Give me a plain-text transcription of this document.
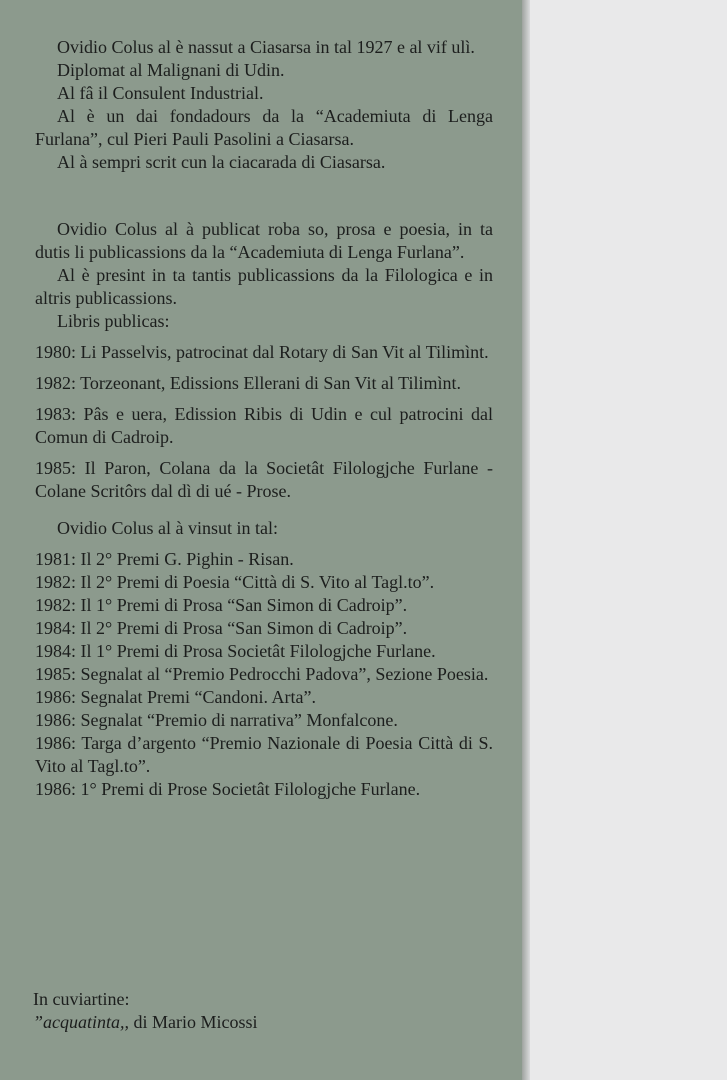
Ovidio Colus al è nassut a Ciasarsa in tal 1927 e al vif ulì.

Diplomat al Malignani di Udin.

Al fâ il Consulent Industrial.

Al è un dai fondadours da la “Academiuta di Lenga Furlana”, cul Pieri Pauli Pasolini a Ciasarsa.

Al à sempri scrit cun la ciacarada di Ciasarsa.

Ovidio Colus al à publicat roba so, prosa e poesia, in ta dutis li publicassions da la “Academiuta di Lenga Furlana”.

Al è presint in ta tantis publicassions da la Filologica e in altris publicassions.

Libris publicas:

1980: Li Passelvis, patrocinat dal Rotary di San Vit al Tilimìnt.

1982: Torzeonant, Edissions Ellerani di San Vit al Tilimìnt.

1983: Pâs e uera, Edission Ribis di Udin e cul patrocini dal Comun di Cadroip.

1985: Il Paron, Colana da la Societât Filologjche Furlane - Colane Scritôrs dal dì di ué - Prose.

Ovidio Colus al à vinsut in tal:

1981: Il 2° Premi G. Pighin - Risan.

1982: Il 2° Premi di Poesia “Città di S. Vito al Tagl.to”.

1982: Il 1° Premi di Prosa “San Simon di Cadroip”.

1984: Il 2° Premi di Prosa “San Simon di Cadroip”.

1984: Il 1° Premi di Prosa Societât Filologjche Furlane.

1985: Segnalat al “Premio Pedrocchi Padova”, Sezione Poesia.

1986: Segnalat Premi “Candoni. Arta”.

1986: Segnalat “Premio di narrativa” Monfalcone.

1986: Targa d’argento “Premio Nazionale di Poesia Città di S. Vito al Tagl.to”.

1986: 1° Premi di Prose Societât Filologjche Furlane.

In cuviartine:
”acquatinta,, di Mario Micossi
